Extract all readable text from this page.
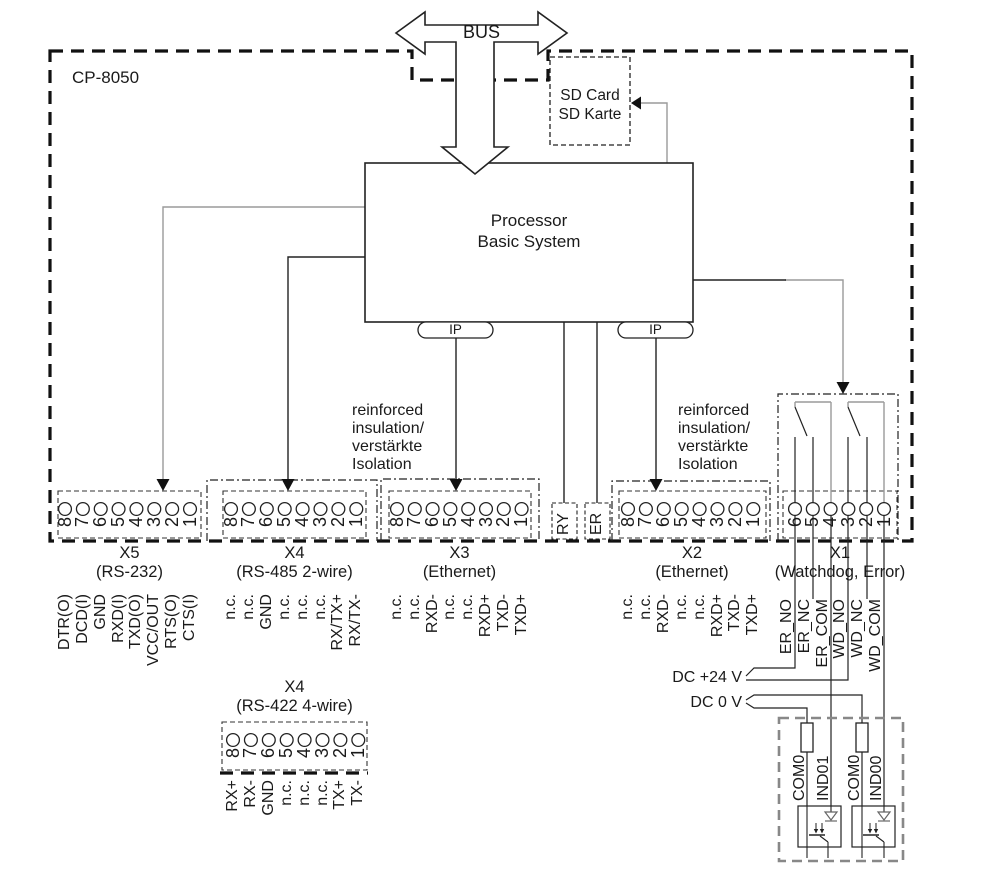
CP-8050
BUS
SD Card
SD Karte
Processor
Basic System
IP	IP
reinforced
insulation/
verstärkte
Isolation
reinforced
insulation/
verstärkte
Isolation
RY ER
DC +24 V
DC 0 V
X5
(RS-232)
8
DTR(O)
7
DCD(I)
6
GND
5
RXD(I)
4
TXD(O)
3
VCC/OUT
2
RTS(O)
1
CTS(I)
X4
(RS-485 2-wire)
8
n.c.
7
n.c.
6
GND
5
n.c.
4
n.c.
3
n.c.
2
RX/TX+
1
RX/TX-
X3
(Ethernet)
8
n.c.
7
n.c.
6
RXD-
5
n.c.
4
n.c.
3
RXD+
2
TXD-
1
TXD+
X2
(Ethernet)
8
n.c.
7
n.c.
6
RXD-
5
n.c.
4
n.c.
3
RXD+
2
TXD-
1
TXD+
X1
(Watchdog, Error)
6
ER_NO
5
ER_NC
4
ER_COM
3
WD_NO
2
WD_NC
1
WD_COM
X4
(RS-422 4-wire)
8
RX+
7
RX-
6
GND
5
n.c.
4
n.c.
3
n.c.
2
TX+
1
TX-	COM0 IND01 COM0 IND00
